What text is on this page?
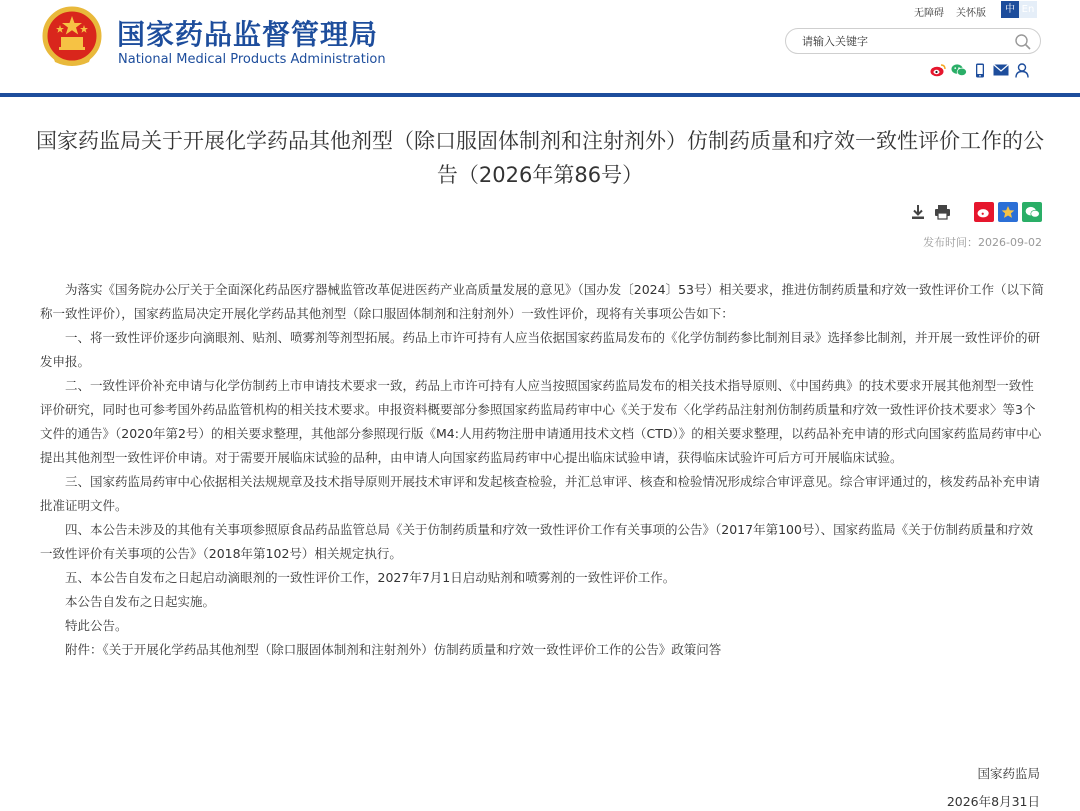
国家药品监督管理局
National Medical Products Administration
无障碍 关怀版	中 En
请输入关键字
国家药监局关于开展化学药品其他剂型（除口服固体制剂和注射剂外）仿制药质量和疗效一致性评价工作的公告（2026年第86号）
发布时间：2026-09-02

为落实《国务院办公厅关于全面深化药品医疗器械监管改革促进医药产业高质量发展的意见》（国办发〔2024〕53号）相关要求，推进仿制药质量和疗效一致性评价工作（以下简称一致性评价），国家药监局决定开展化学药品其他剂型（除口服固体制剂和注射剂外）一致性评价，现将有关事项公告如下：

一、将一致性评价逐步向滴眼剂、贴剂、喷雾剂等剂型拓展。药品上市许可持有人应当依据国家药监局发布的《化学仿制药参比制剂目录》选择参比制剂，并开展一致性评价的研发申报。

二、一致性评价补充申请与化学仿制药上市申请技术要求一致，药品上市许可持有人应当按照国家药监局发布的相关技术指导原则、《中国药典》的技术要求开展其他剂型一致性评价研究，同时也可参考国外药品监管机构的相关技术要求。申报资料概要部分参照国家药监局药审中心《关于发布〈化学药品注射剂仿制药质量和疗效一致性评价技术要求〉等3个文件的通告》（2020年第2号）的相关要求整理，其他部分参照现行版《M4:人用药物注册申请通用技术文档（CTD）》的相关要求整理，以药品补充申请的形式向国家药监局药审中心提出其他剂型一致性评价申请。对于需要开展临床试验的品种，由申请人向国家药监局药审中心提出临床试验申请，获得临床试验许可后方可开展临床试验。

三、国家药监局药审中心依据相关法规规章及技术指导原则开展技术审评和发起核查检验，并汇总审评、核查和检验情况形成综合审评意见。综合审评通过的，核发药品补充申请批准证明文件。

四、本公告未涉及的其他有关事项参照原食品药品监管总局《关于仿制药质量和疗效一致性评价工作有关事项的公告》（2017年第100号）、国家药监局《关于仿制药质量和疗效一致性评价有关事项的公告》（2018年第102号）相关规定执行。

五、本公告自发布之日起启动滴眼剂的一致性评价工作，2027年7月1日启动贴剂和喷雾剂的一致性评价工作。

本公告自发布之日起实施。

特此公告。

附件：《关于开展化学药品其他剂型（除口服固体制剂和注射剂外）仿制药质量和疗效一致性评价工作的公告》政策问答

国家药监局
2026年8月31日
